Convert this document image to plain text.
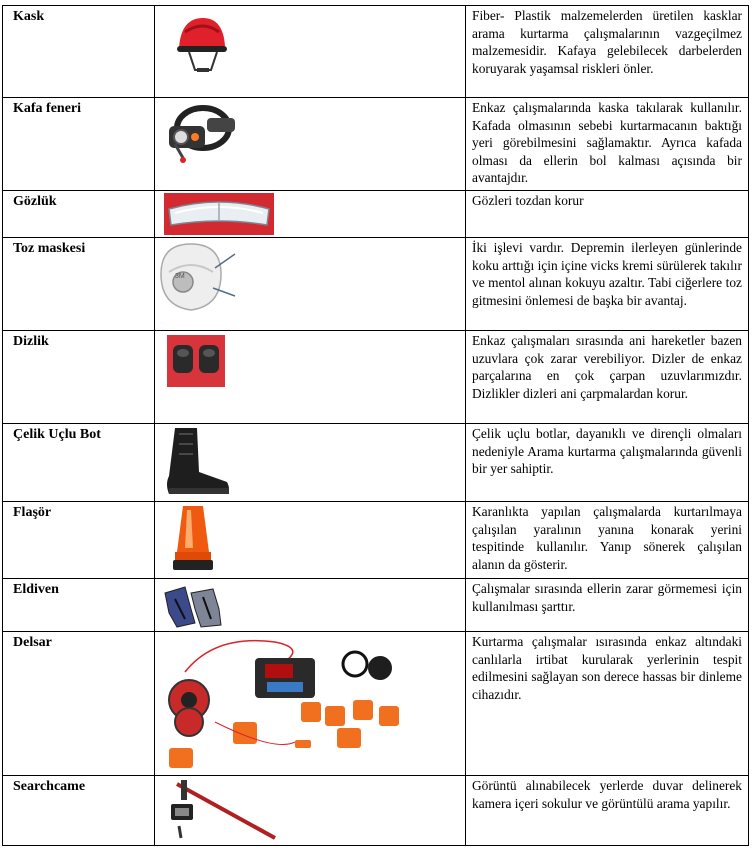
Kask		Fiber- Plastik malzemelerden üretilen kasklar arama kurtarma çalışmalarının vazgeçilmez malzemesidir. Kafaya gelebilecek darbelerden koruyarak yaşamsal riskleri önler.
Kafa feneri		Enkaz çalışmalarında kaska takılarak kullanılır. Kafada olmasının sebebi kurtarmacanın baktığı yeri görebilmesini sağlamaktır. Ayrıca kafada olması da ellerin bol kalması açısında bir avantajdır.
Gözlük		Gözleri tozdan korur
Toz maskesi	3M	İki işlevi vardır. Depremin ilerleyen günlerinde koku arttığı için içine vicks kremi sürülerek takılır ve mentol alınan kokuyu azaltır. Tabi ciğerlere toz gitmesini önlemesi de başka bir avantaj.
Dizlik		Enkaz çalışmaları sırasında ani hareketler bazen uzuvlara çok zarar verebiliyor. Dizler de enkaz parçalarına en çok çarpan uzuvlarımızdır. Dizlikler dizleri ani çarpmalardan korur.
Çelik Uçlu Bot		Çelik uçlu botlar, dayanıklı ve dirençli olmaları nedeniyle Arama kurtarma çalışmalarında güvenli bir yer sahiptir.
Flaşör		Karanlıkta yapılan çalışmalarda kurtarılmaya çalışılan yaralının yanına konarak yerini tespitinde kullanılır. Yanıp sönerek çalışılan alanın da gösterir.
Eldiven		Çalışmalar sırasında ellerin zarar görmemesi için kullanılması şarttır.
Delsar		Kurtarma çalışmalar ısırasında enkaz altındaki canlılarla irtibat kurularak yerlerinin tespit edilmesini sağlayan son derece hassas bir dinleme cihazıdır.
Searchcame		Görüntü alınabilecek yerlerde duvar delinerek kamera içeri sokulur ve görüntülü arama yapılır.
